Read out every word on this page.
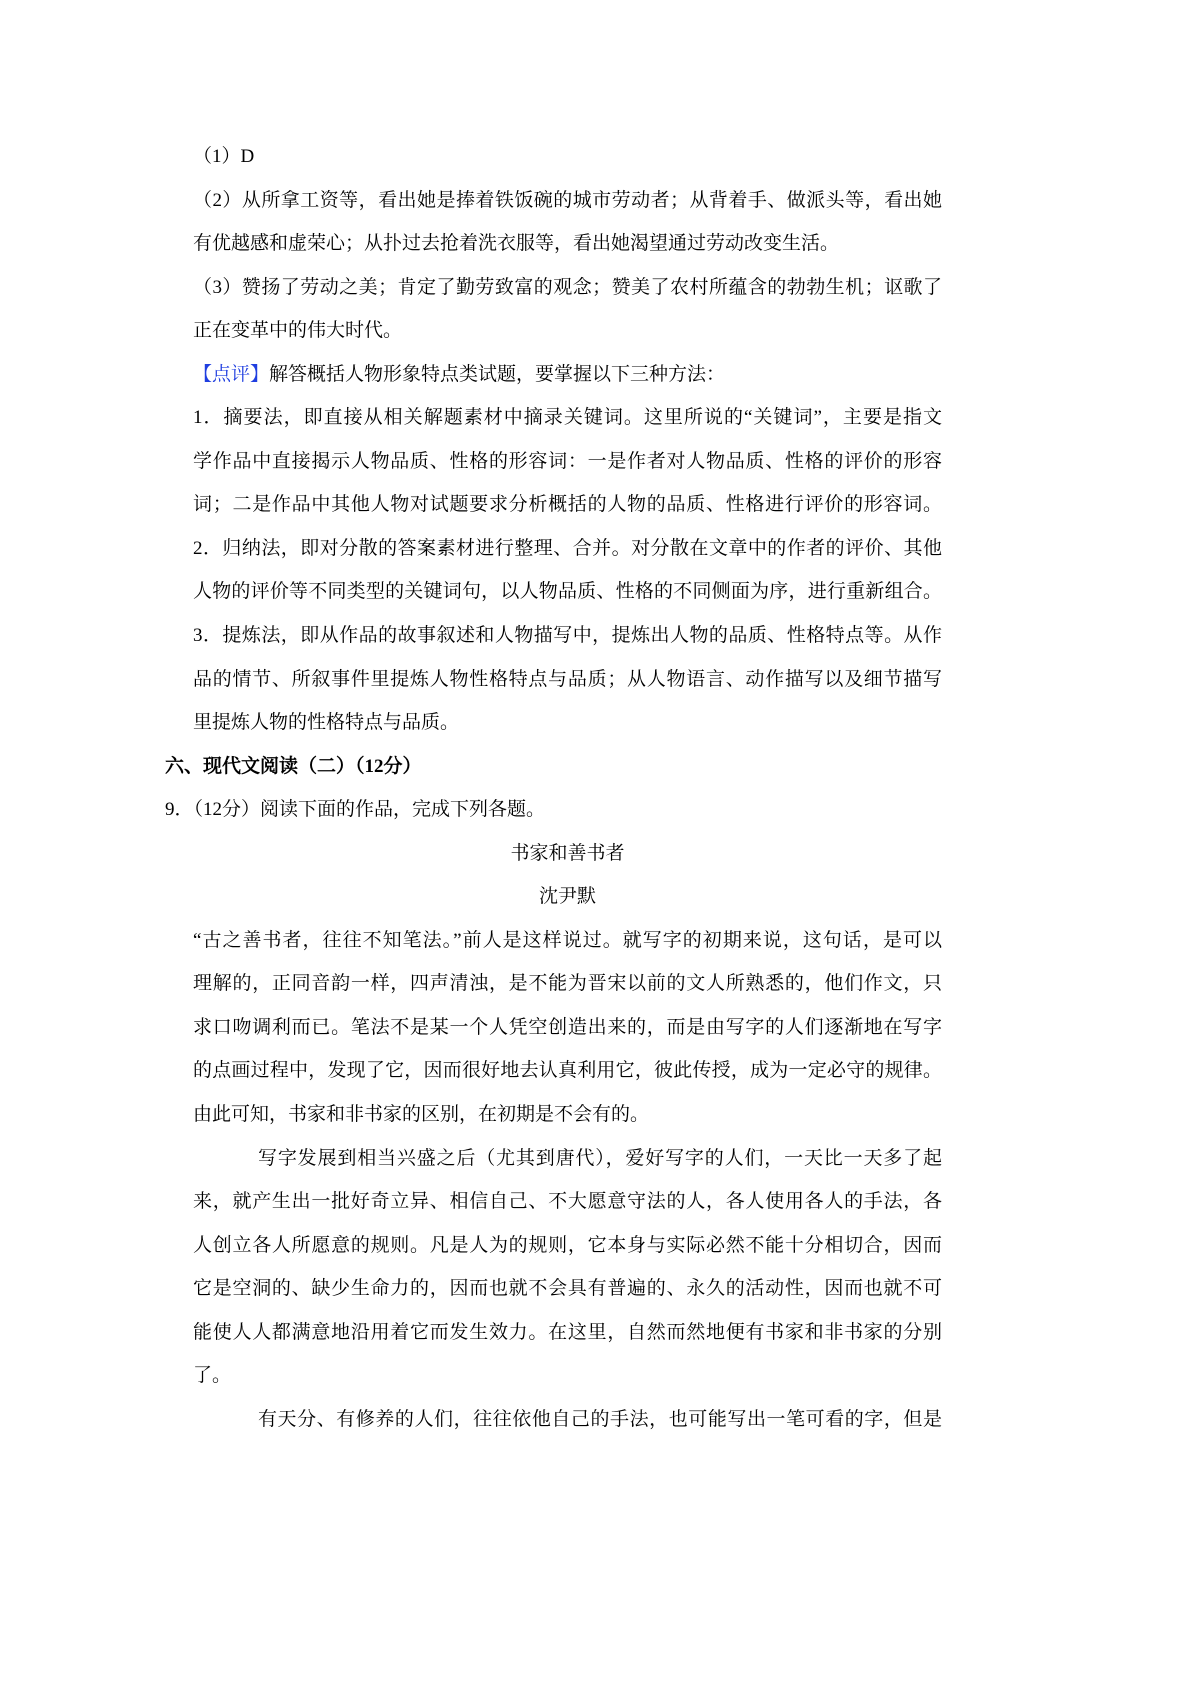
（1）D
（2）从所拿工资等，看出她是捧着铁饭碗的城市劳动者；从背着手、做派头等，看出她
有优越感和虚荣心；从扑过去抢着洗衣服等，看出她渴望通过劳动改变生活。
（3）赞扬了劳动之美；肯定了勤劳致富的观念；赞美了农村所蕴含的勃勃生机；讴歌了
正在变革中的伟大时代。
【点评】解答概括人物形象特点类试题，要掌握以下三种方法：
1．摘要法，即直接从相关解题素材中摘录关键词。这里所说的“关键词”，主要是指文
学作品中直接揭示人物品质、性格的形容词：一是作者对人物品质、性格的评价的形容
词；二是作品中其他人物对试题要求分析概括的人物的品质、性格进行评价的形容词。
2．归纳法，即对分散的答案素材进行整理、合并。对分散在文章中的作者的评价、其他
人物的评价等不同类型的关键词句，以人物品质、性格的不同侧面为序，进行重新组合。
3．提炼法，即从作品的故事叙述和人物描写中，提炼出人物的品质、性格特点等。从作
品的情节、所叙事件里提炼人物性格特点与品质；从人物语言、动作描写以及细节描写
里提炼人物的性格特点与品质。
六、现代文阅读（二）（12分）
9．（12分）阅读下面的作品，完成下列各题。
书家和善书者
沈尹默
“古之善书者，往往不知笔法。”前人是这样说过。就写字的初期来说，这句话，是可以
理解的，正同音韵一样，四声清浊，是不能为晋宋以前的文人所熟悉的，他们作文，只
求口吻调利而已。笔法不是某一个人凭空创造出来的，而是由写字的人们逐渐地在写字
的点画过程中，发现了它，因而很好地去认真利用它，彼此传授，成为一定必守的规律。
由此可知，书家和非书家的区别，在初期是不会有的。
写字发展到相当兴盛之后（尤其到唐代），爱好写字的人们，一天比一天多了起
来，就产生出一批好奇立异、相信自己、不大愿意守法的人，各人使用各人的手法，各
人创立各人所愿意的规则。凡是人为的规则，它本身与实际必然不能十分相切合，因而
它是空洞的、缺少生命力的，因而也就不会具有普遍的、永久的活动性，因而也就不可
能使人人都满意地沿用着它而发生效力。在这里，自然而然地便有书家和非书家的分别
了。
有天分、有修养的人们，往往依他自己的手法，也可能写出一笔可看的字，但是
